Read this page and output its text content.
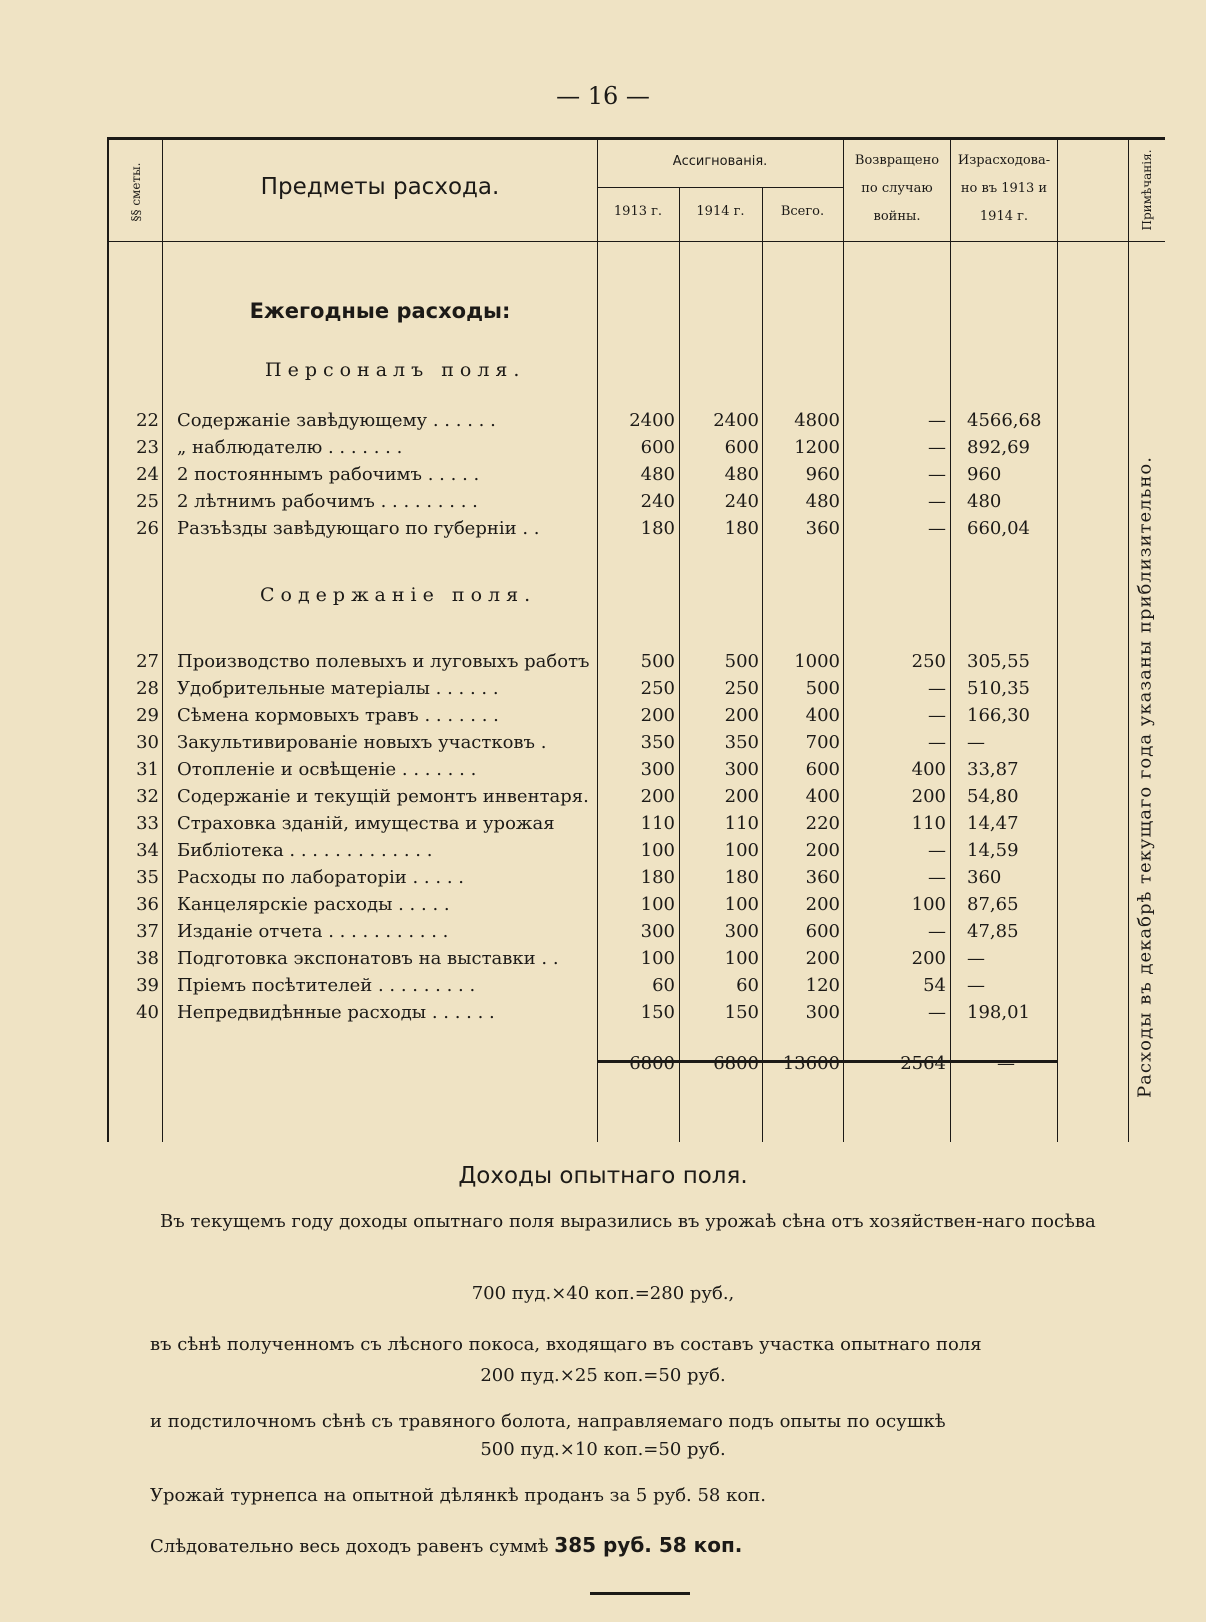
— 16 —
§§ сметы.	Предметы расхода.
Ассигнованія.
1913 г.	1914 г.	Всего.
Возвращено по случаю войны.
Израсходова-но въ 1913 и 1914 г.	Примѣчанія.
Ежегодные расходы:
Персоналъ поля.
Содержаніе поля.
22 Содержаніе завѣдующему . . . . . .	2400	2400	4800	— 4566,68
23 „ наблюдателю . . . . . . .	600	600	1200	— 892,69
24 2 постояннымъ рабочимъ . . . . .	480	480	960	— 960
25 2 лѣтнимъ рабочимъ . . . . . . . . .	240	240	480	— 480
26 Разъѣзды завѣдующаго по губерніи . .	180	180	360	— 660,04
27 Производство полевыхъ и луговыхъ работъ	500	500	1000	250 305,55
28 Удобрительные матеріалы . . . . . .	250	250	500	— 510,35
29 Сѣмена кормовыхъ травъ . . . . . . .	200	200	400	— 166,30
30 Закультивированіе новыхъ участковъ .	350	350	700	— —
31 Отопленіе и освѣщеніе . . . . . . .	300	300	600	400 33,87
32 Содержаніе и текущій ремонтъ инвентаря.	200	200	400	200 54,80
33 Страховка зданій, имущества и урожая	110	110	220	110 14,47
34 Библіотека . . . . . . . . . . . . .	100	100	200	— 14,59
35 Расходы по лабораторіи . . . . .	180	180	360	— 360
36 Канцелярскіе расходы . . . . .	100	100	200	100 87,65
37 Изданіе отчета . . . . . . . . . . .	300	300	600	— 47,85
38 Подготовка экспонатовъ на выставки . .	100	100	200	200 —
39 Пріемъ посѣтителей . . . . . . . . .	60	60	120	54 —
40 Непредвидѣнные расходы . . . . . .	150	150	300	— 198,01
6800	6800	13600	2564	—	Расходы въ декабрѣ текущаго года указаны приблизительно.
Доходы опытнаго поля.
Въ текущемъ году доходы опытнаго поля выразились въ урожаѣ сѣна отъ хозяйствен-наго посѣва
700 пуд.×40 коп.=280 руб.,
въ сѣнѣ полученномъ съ лѣсного покоса, входящаго въ составъ участка опытнаго поля
200 пуд.×25 коп.=50 руб.
и подстилочномъ сѣнѣ съ травяного болота, направляемаго подъ опыты по осушкѣ
500 пуд.×10 коп.=50 руб.
Урожай турнепса на опытной дѣлянкѣ проданъ за 5 руб. 58 коп.
Слѣдовательно весь доходъ равенъ суммѣ 385 руб. 58 коп.
